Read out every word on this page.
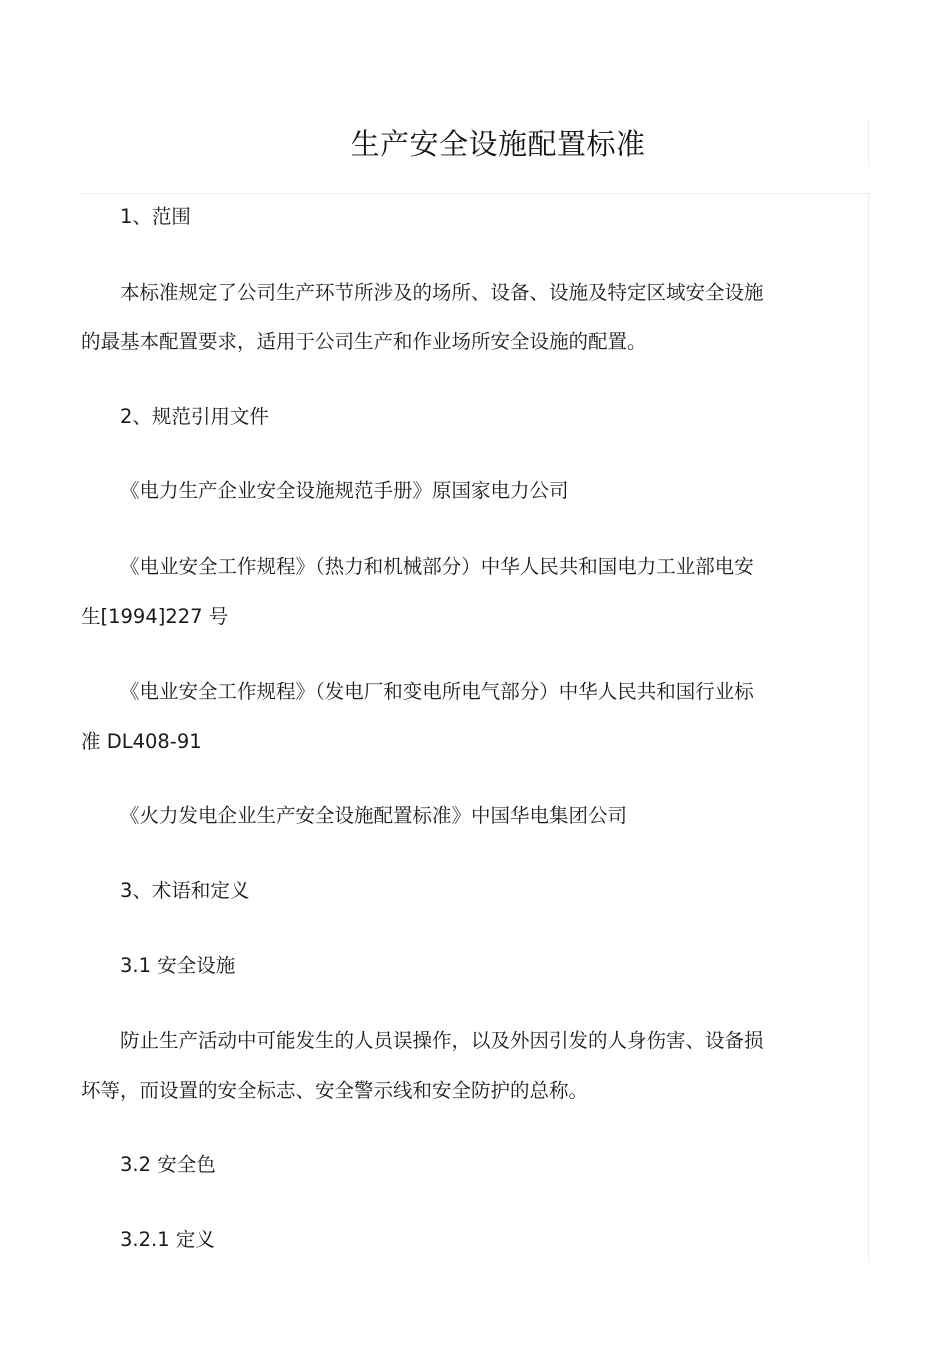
生产安全设施配置标准
1、范围
本标准规定了公司生产环节所涉及的场所、设备、设施及特定区域安全设施
的最基本配置要求，适用于公司生产和作业场所安全设施的配置。
2、规范引用文件
《电力生产企业安全设施规范手册》原国家电力公司
《电业安全工作规程》（热力和机械部分）中华人民共和国电力工业部电安
生[1994]227 号
《电业安全工作规程》（发电厂和变电所电气部分）中华人民共和国行业标
准 DL408-91
《火力发电企业生产安全设施配置标准》中国华电集团公司
3、术语和定义
3.1 安全设施
防止生产活动中可能发生的人员误操作，以及外因引发的人身伤害、设备损
坏等，而设置的安全标志、安全警示线和安全防护的总称。
3.2 安全色
3.2.1 定义
